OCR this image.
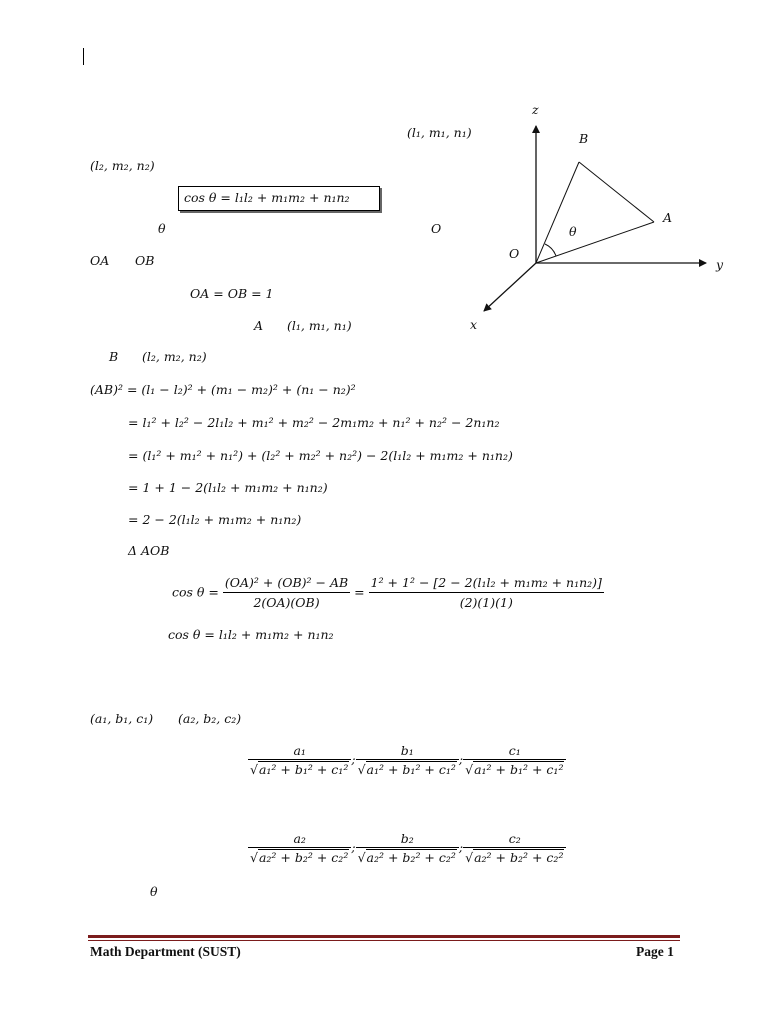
z
y
x
O
A
B
θ
(l₁, m₁, n₁)
(l₂, m₂, n₂)
cos θ = l₁l₂ + m₁m₂ + n₁n₂
θ	O
OA OB
OA = OB = 1
A (l₁, m₁, n₁)
B (l₂, m₂, n₂)
(AB)² = (l₁ − l₂)² + (m₁ − m₂)² + (n₁ − n₂)²
= l₁² + l₂² − 2l₁l₂ + m₁² + m₂² − 2m₁m₂ + n₁² + n₂² − 2n₁n₂
= (l₁² + m₁² + n₁²) + (l₂² + m₂² + n₂²) − 2(l₁l₂ + m₁m₂ + n₁n₂)
= 1 + 1 − 2(l₁l₂ + m₁m₂ + n₁n₂)
= 2 − 2(l₁l₂ + m₁m₂ + n₁n₂)
Δ AOB
$\cos \theta = \frac{\text{(OA)² + (OB)² − AB}}{2(OA)(OB)} = \frac{\text{1² + 1² − [2 − 2(l₁l₂ + m₁m₂ + n₁n₂)]}}{(2)(1)(1)}$
cos θ = l₁l₂ + m₁m₂ + n₁n₂
(a₁, b₁, c₁) (a₂, b₂, c₂)
$\frac{\text{a₁}}{\text{√a₁² + b₁² + c₁²}}$ ; $\frac{\text{b₁}}{\text{√a₁² + b₁² + c₁²}}$ ; $\frac{\text{c₁}}{\text{√a₁² + b₁² + c₁²}}$
$\frac{\text{a₂}}{\text{√a₂² + b₂² + c₂²}}$ ; $\frac{\text{b₂}}{\text{√a₂² + b₂² + c₂²}}$ ; $\frac{\text{c₂}}{\text{√a₂² + b₂² + c₂²}}$
θ
Math Department (SUST)	Page 1
